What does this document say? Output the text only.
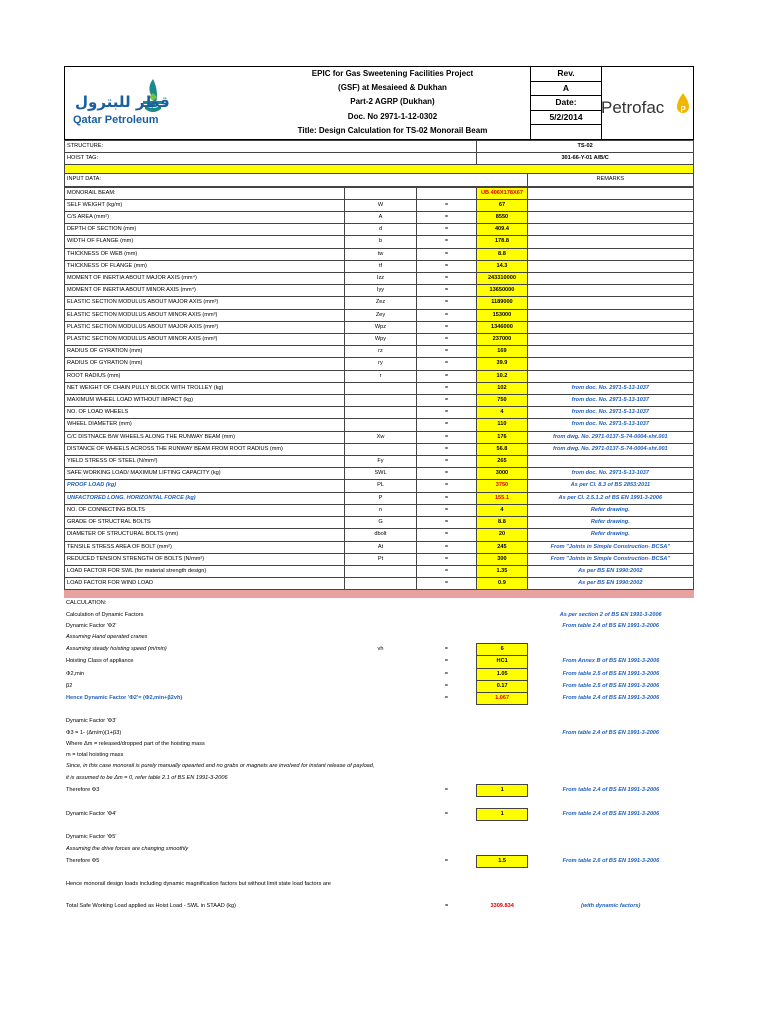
قطر للبترول
Qatar Petroleum
EPIC for Gas Sweetening Facilities Project
(GSF) at Mesaieed & Dukhan
Part-2 AGRP (Dukhan)
Doc. No 2971-1-12-0302
Title: Design Calculation for TS-02 Monorail Beam
Rev.
A
Date:
5/2/2014	Petrofac P
STRUCTURE:	TS-02	
HOIST TAG:	301-66-Y-01 A/B/C	

INPUT DATA:		REMARKS
MONORAIL BEAM:			UB 406X178X67	
SELF WEIGHT (kg/m)	W	=	67	
C/S AREA (mm²)	A	=	8550	
DEPTH OF SECTION (mm)	d	=	409.4	
WIDTH OF FLANGE (mm)	b	=	178.8	
THICKNESS OF WEB (mm)	tw	=	8.8	
THICKNESS OF FLANGE (mm)	tf	=	14.3	
MOMENT OF INERTIA ABOUT MAJOR AXIS (mm⁴)	Izz	=	243310000	
MOMENT OF INERTIA ABOUT MINOR AXIS (mm⁴)	Iyy	=	13650000	
ELASTIC SECTION MODULUS ABOUT MAJOR AXIS (mm³)	Zez	=	1189000	
ELASTIC SECTION MODULUS ABOUT MINOR AXIS (mm³)	Zey	=	153000	
PLASTIC SECTION MODULUS ABOUT MAJOR AXIS (mm³)	Wpz	=	1346000	
PLASTIC SECTION MODULUS ABOUT MINOR AXIS (mm³)	Wpy	=	237000	
RADIUS OF GYRATION (mm)	rz	=	169	
RADIUS OF GYRATION (mm)	ry	=	39.9	
ROOT RADIUS (mm)	r	=	10.2	
NET WEIGHT OF CHAIN PULLY BLOCK WITH TROLLEY (kg)		=	102	from doc. No. 2971-5-13-1037
MAXIMUM WHEEL LOAD WITHOUT IMPACT (kg)		=	750	from doc. No. 2971-5-13-1037
NO. OF LOAD WHEELS		=	4	from doc. No. 2971-5-13-1037
WHEEL DIAMETER (mm)		=	110	from doc. No. 2971-5-13-1037
C/C DISTNACE B/W WHEELS ALONG THE RUNWAY BEAM (mm)	Xw	=	176	from dwg. No. 2971-0137-S-74-0004-sht.001
DISTANCE OF WHEELS ACROSS THE RUNWAY BEAM FROM ROOT RADIUS (mm)		=	56.8	from dwg. No. 2971-0137-S-74-0004-sht.001
YIELD STRESS OF STEEL (N/mm²)	Fy	=	265	
SAFE WORKING LOAD/ MAXIMUM LIFTING CAPACITY (kg)	SWL	=	3000	from doc. No. 2971-5-13-1037
PROOF LOAD (kg)	PL	=	3750	As per Cl. 8.3 of BS 2853:2011
UNFACTORED LONG. HORIZONTAL FORCE (kg)	P	=	155.1	As per Cl. 2.5.1.2 of BS EN 1991-3-2006
NO. OF CONNECTING BOLTS	n	=	4	Refer drawing.
GRADE OF STRUCTRAL BOLTS	G	=	8.8	Refer drawing.
DIAMETER OF STRUCTURAL BOLTS (mm)	dbolt	=	20	Refer drawing.
TENSILE STRESS AREA OF BOLT (mm²)	At	=	245	From "Joints in Simple Construction- BCSA"
REDUCED TENSION STRENGTH OF BOLTS (N/mm²)	Pt	=	300	From "Joints in Simple Construction- BCSA"
LOAD FACTOR FOR SWL (for material strength design)		=	1.35	As per BS EN 1990:2002
LOAD FACTOR FOR WIND LOAD		=	0.9	As per BS EN 1990:2002
CALCULATION:				
Calculation of Dynamic Factors				As per section 2 of BS EN 1991-3-2006
Dynamic Factor 'Φ2'				From table 2.4 of BS EN 1991-3-2006
Assuming Hand operated cranes				
Assuming steady hoisting speed (m/min)	vh	=	6	
Hoisting Class of appliance		=	HC1	From Annex B of BS EN 1991-3-2006
Φ2,min		=	1.05	From table 2.5 of BS EN 1991-3-2006
β2		=	0.17	From table 2.5 of BS EN 1991-3-2006
Hence Dynamic Factor 'Φ2'= (Φ2,min+β2vh)		=	1.067	From table 2.4 of BS EN 1991-3-2006

Dynamic Factor 'Φ3'				
Φ3 = 1- (Δm/m)(1+β3)				From table 2.4 of BS EN 1991-3-2006
Where Δm = released/dropped part of the hoisting mass				
m = total hoisting mass				
Since, in this case monorail is purely manually opearted and no grabs or magnets are involved for instant release of payload,				
it is assumed to be Δm = 0, refer table 2.1 of BS EN 1991-3-2006				
Therefore Φ3		=	1	From table 2.4 of BS EN 1991-3-2006

Dynamic Factor 'Φ4'		=	1	From table 2.4 of BS EN 1991-3-2006

Dynamic Factor 'Φ5'				
Assuming the drive forces are changing smoothly				
Therefore Φ5		=	1.5	From table 2.6 of BS EN 1991-3-2006

Hence monorail design loads including dynamic magnification factors but without limit state load factors are				

Total Safe Working Load applied as Hoist Load - SWL in STAAD (kg)		=	3309.834	(with dynamic factors)
